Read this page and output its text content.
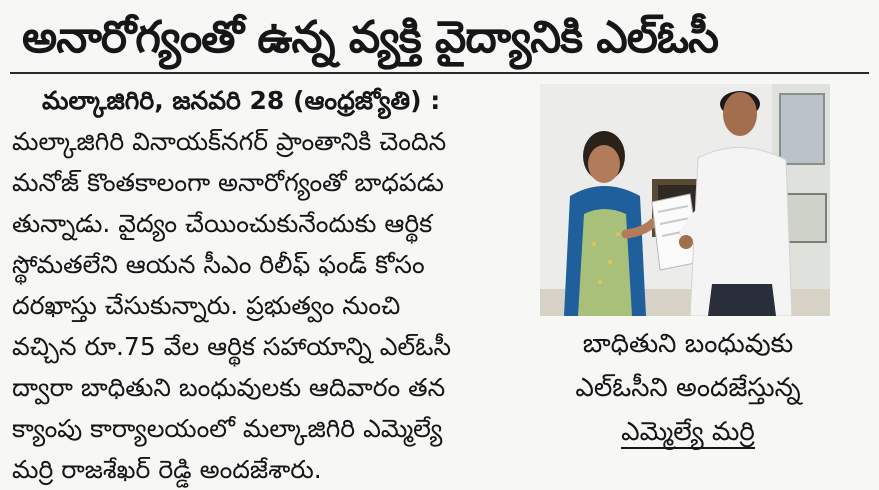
అనారోగ్యంతో ఉన్న వ్యక్తి వైద్యానికి ఎల్ఓసీ
మల్కాజిగిరి, జనవరి 28 (ఆంధ్రజ్యోతి) :
మల్కాజిగిరి వినాయక్‌నగర్ ప్రాంతానికి చెందిన
మనోజ్ కొంతకాలంగా అనారోగ్యంతో బాధపడు
తున్నాడు. వైద్యం చేయించుకునేందుకు ఆర్థిక
స్థోమతలేని ఆయన సీఎం రిలీఫ్ ఫండ్ కోసం
దరఖాస్తు చేసుకున్నారు. ప్రభుత్వం నుంచి
వచ్చిన రూ.75 వేల ఆర్థిక సహాయాన్ని ఎల్ఓసీ
ద్వారా బాధితుని బంధువులకు ఆదివారం తన
క్యాంపు కార్యాలయంలో మల్కాజిగిరి ఎమ్మెల్యే
మర్రి రాజశేఖర్ రెడ్డి అందజేశారు.
బాధితుని బంధువుకు
ఎల్ఓసీని అందజేస్తున్న
ఎమ్మెల్యే మర్రి
